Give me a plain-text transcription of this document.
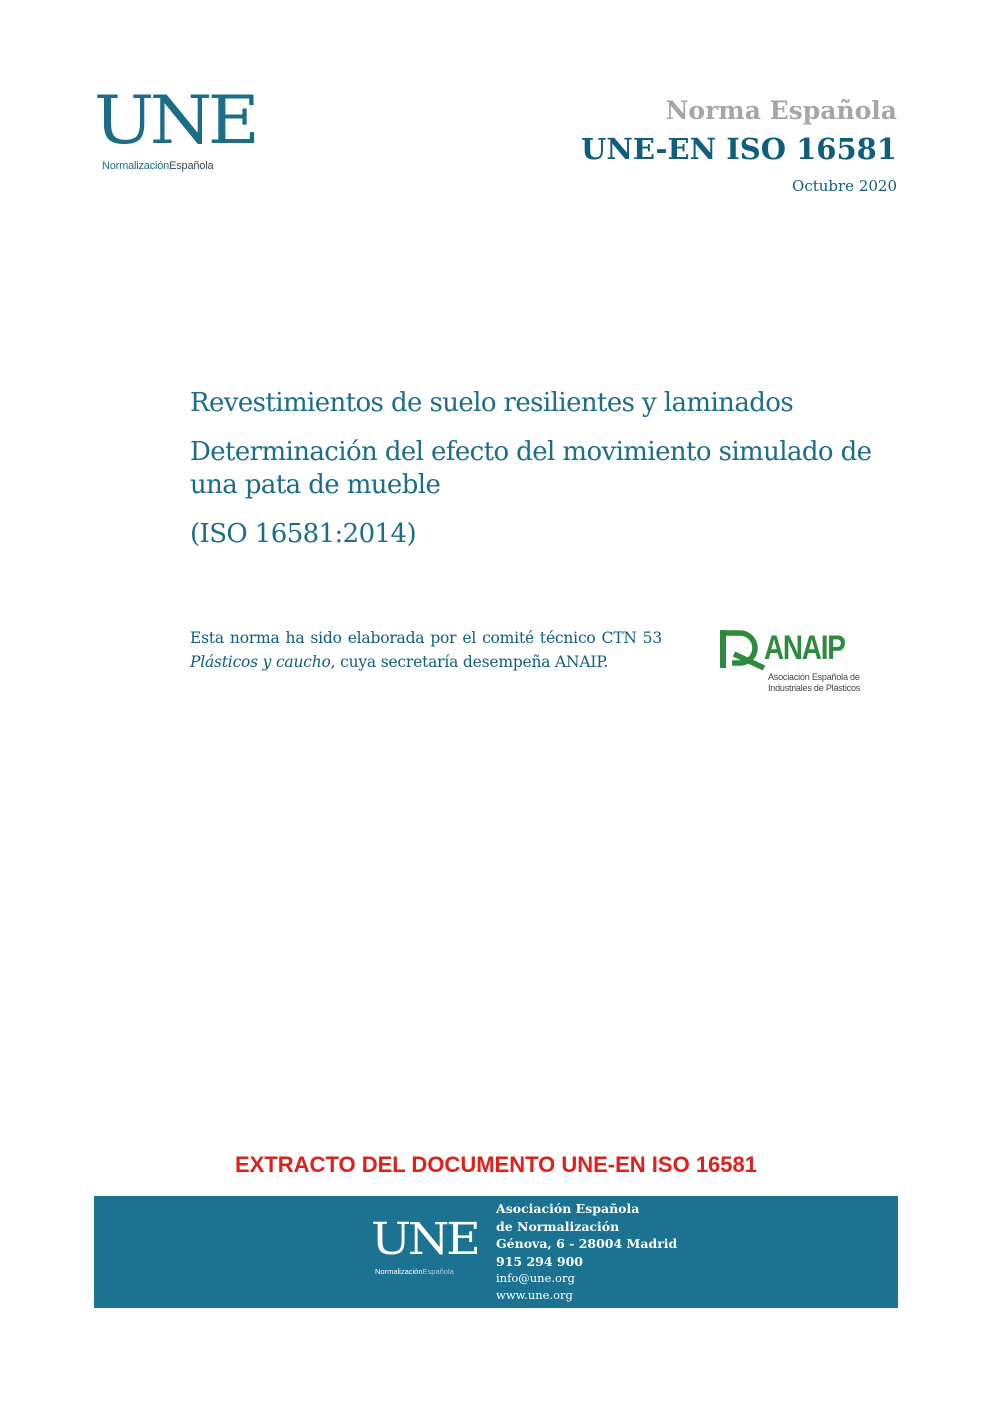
UNE
NormalizaciónEspañola
Norma Española
UNE-EN ISO 16581
Octubre 2020
Revestimientos de suelo resilientes y laminados
Determinación del efecto del movimiento simulado de una pata de mueble
(ISO 16581:2014)
Esta norma ha sido elaborada por el comité técnico CTN 53 Plásticos y caucho, cuya secretaría desempeña ANAIP.	ANAIP
Asociación Española de
Industriales de Plásticos
EXTRACTO DEL DOCUMENTO UNE-EN ISO 16581
UNE
NormalizaciónEspañola
Asociación Española
de Normalización
Génova, 6 - 28004 Madrid
915 294 900
info@une.org
www.une.org
